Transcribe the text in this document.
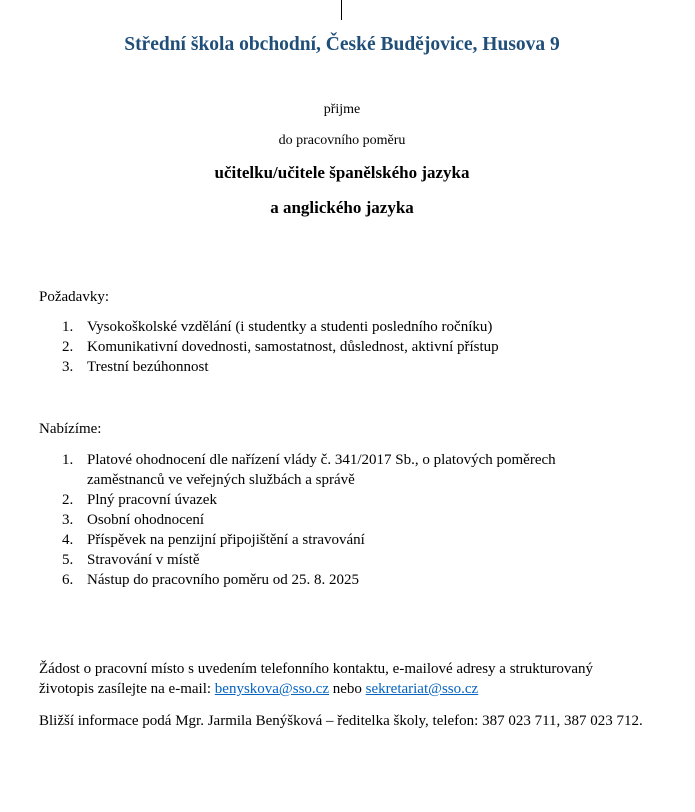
Střední škola obchodní, České Budějovice, Husova 9
přijme
do pracovního poměru
učitelku/učitele španělského jazyka
a anglického jazyka
Požadavky:
1. Vysokoškolské vzdělání (i studentky a studenti posledního ročníku)
2. Komunikativní dovednosti, samostatnost, důslednost, aktivní přístup
3. Trestní bezúhonnost
Nabízíme:
1. Platové ohodnocení dle nařízení vlády č. 341/2017 Sb., o platových poměrech zaměstnanců ve veřejných službách a správě
2. Plný pracovní úvazek
3. Osobní ohodnocení
4. Příspěvek na penzijní připojištění a stravování
5. Stravování v místě
6. Nástup do pracovního poměru od 25. 8. 2025
Žádost o pracovní místo s uvedením telefonního kontaktu, e-mailové adresy a strukturovaný životopis zasílejte na e-mail: benyskova@sso.cz nebo sekretariat@sso.cz
Bližší informace podá Mgr. Jarmila Benýšková – ředitelka školy, telefon: 387 023 711, 387 023 712.
